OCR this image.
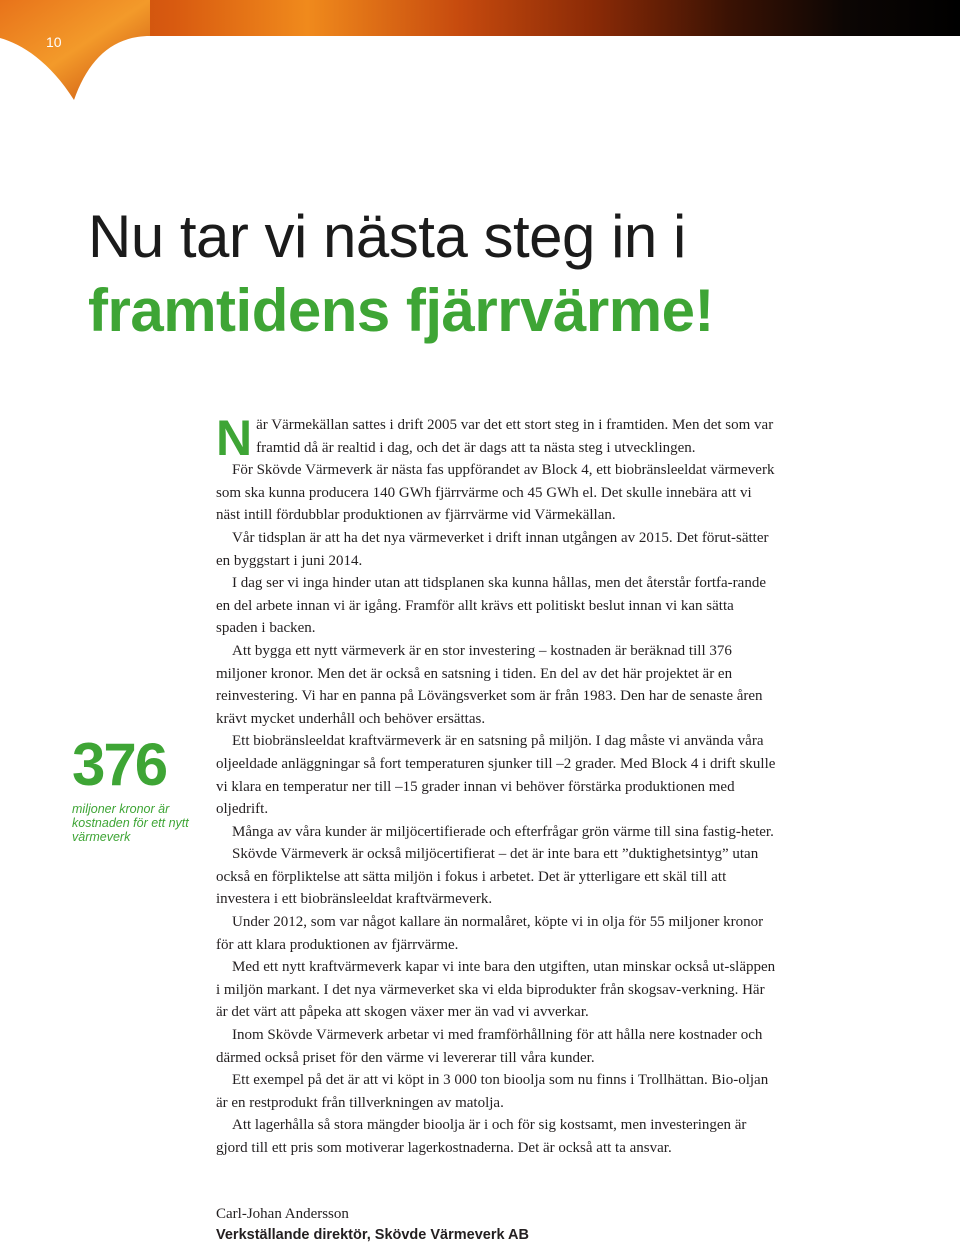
10
Nu tar vi nästa steg in i
framtidens fjärrvärme!
376
miljoner kronor är kostnaden för ett nytt värmeverk

När Värmekällan sattes i drift 2005 var det ett stort steg in i framtiden. Men det som var framtid då är realtid i dag, och det är dags att ta nästa steg i utvecklingen.

För Skövde Värmeverk är nästa fas uppförandet av Block 4, ett biobränsleeldat värmeverk som ska kunna producera 140 GWh fjärrvärme och 45 GWh el. Det skulle innebära att vi näst intill fördubblar produktionen av fjärrvärme vid Värmekällan.

Vår tidsplan är att ha det nya värmeverket i drift innan utgången av 2015. Det förut-sätter en byggstart i juni 2014.

I dag ser vi inga hinder utan att tidsplanen ska kunna hållas, men det återstår fortfa-rande en del arbete innan vi är igång. Framför allt krävs ett politiskt beslut innan vi kan sätta spaden i backen.

Att bygga ett nytt värmeverk är en stor investering – kostnaden är beräknad till 376 miljoner kronor. Men det är också en satsning i tiden. En del av det här projektet är en reinvestering. Vi har en panna på Lövängsverket som är från 1983. Den har de senaste åren krävt mycket underhåll och behöver ersättas.

Ett biobränsleeldat kraftvärmeverk är en satsning på miljön. I dag måste vi använda våra oljeeldade anläggningar så fort temperaturen sjunker till –2 grader. Med Block 4 i drift skulle vi klara en temperatur ner till –15 grader innan vi behöver förstärka produktionen med oljedrift.

Många av våra kunder är miljöcertifierade och efterfrågar grön värme till sina fastig-heter.

Skövde Värmeverk är också miljöcertifierat – det är inte bara ett ”duktighetsintyg” utan också en förpliktelse att sätta miljön i fokus i arbetet. Det är ytterligare ett skäl till att investera i ett biobränsleeldat kraftvärmeverk.

Under 2012, som var något kallare än normalåret, köpte vi in olja för 55 miljoner kronor för att klara produktionen av fjärrvärme.

Med ett nytt kraftvärmeverk kapar vi inte bara den utgiften, utan minskar också ut-släppen i miljön markant. I det nya värmeverket ska vi elda biprodukter från skogsav-verkning. Här är det värt att påpeka att skogen växer mer än vad vi avverkar.

Inom Skövde Värmeverk arbetar vi med framförhållning för att hålla nere kostnader och därmed också priset för den värme vi levererar till våra kunder.

Ett exempel på det är att vi köpt in 3 000 ton bioolja som nu finns i Trollhättan. Bio-oljan är en restprodukt från tillverkningen av matolja.

Att lagerhålla så stora mängder bioolja är i och för sig kostsamt, men investeringen är gjord till ett pris som motiverar lagerkostnaderna. Det är också att ta ansvar.

Carl-Johan Andersson
Verkställande direktör, Skövde Värmeverk AB
